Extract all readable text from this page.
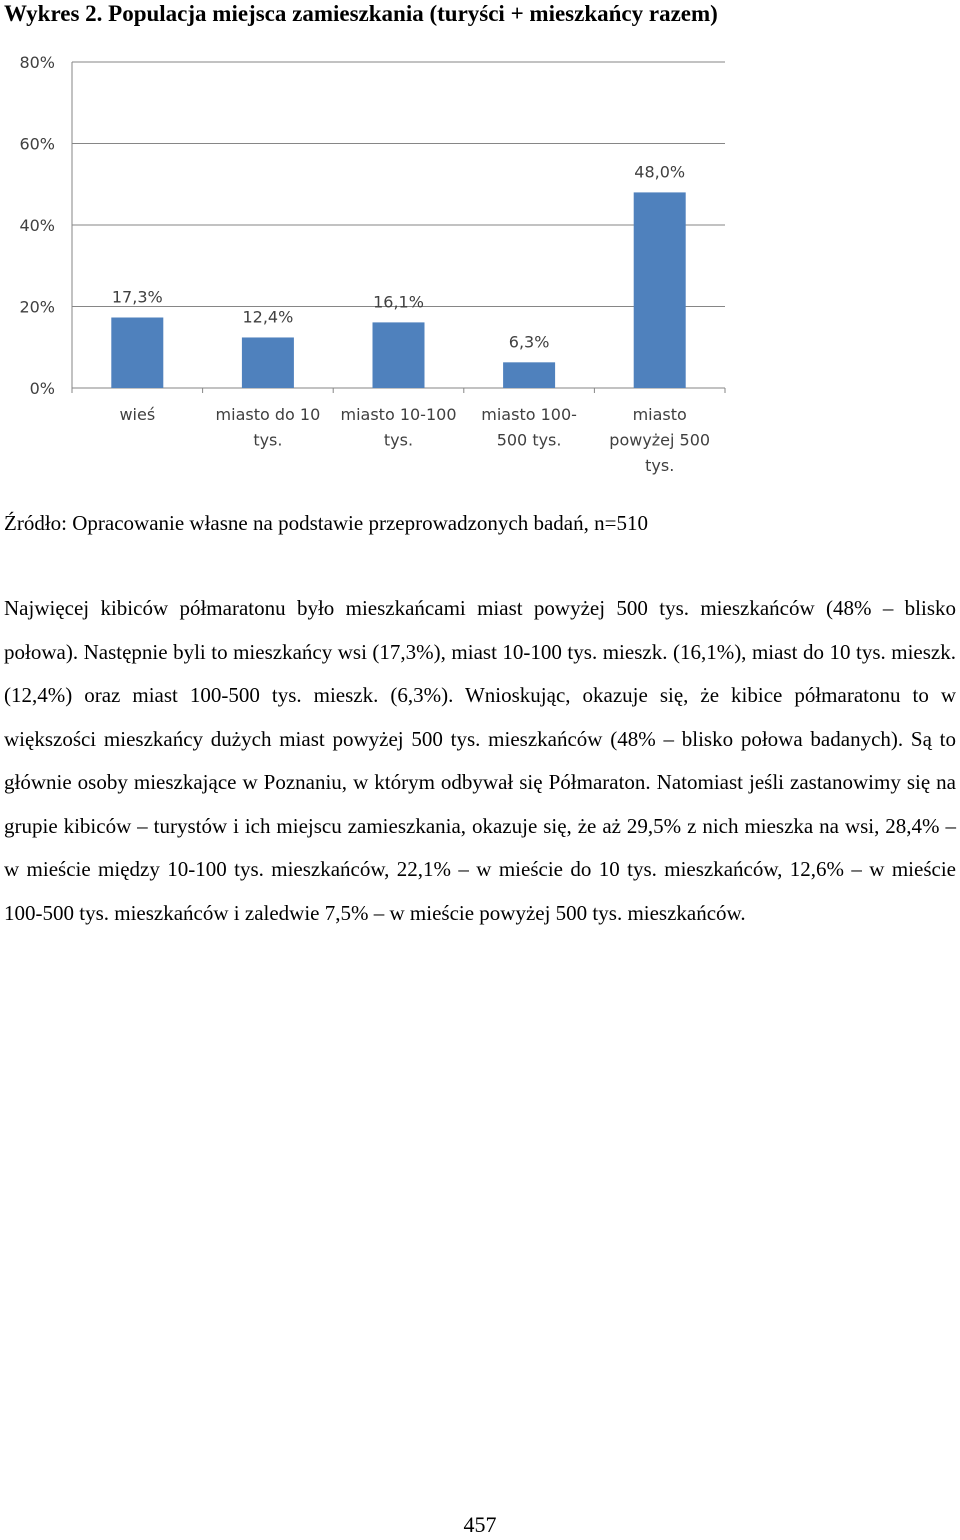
Wykres 2. Populacja miejsca zamieszkania (turyści + mieszkańcy razem)
0%
20%
40%
60%
80%
17,3%
wieś
12,4%
miasto do 10 tys.
16,1%
miasto 10-100 tys.
6,3%
miasto 100-500 tys.
48,0%
miasto powyżej 500 tys.
Źródło: Opracowanie własne na podstawie przeprowadzonych badań, n=510

Najwięcej kibiców półmaratonu było mieszkańcami miast powyżej 500 tys. mieszkańców (48% – blisko połowa). Następnie byli to mieszkańcy wsi (17,3%), miast 10-100 tys. mieszk. (16,1%), miast do 10 tys. mieszk. (12,4%) oraz miast 100-500 tys. mieszk. (6,3%). Wnioskując, okazuje się, że kibice półmaratonu to w większości mieszkańcy dużych miast powyżej 500 tys. mieszkańców (48% – blisko połowa badanych). Są to głównie osoby mieszkające w Poznaniu, w którym odbywał się Półmaraton. Natomiast jeśli zastanowimy się na grupie kibiców – turystów i ich miejscu zamieszkania, okazuje się, że aż 29,5% z nich mieszka na wsi, 28,4% – w mieście między 10-100 tys. mieszkańców, 22,1% – w mieście do 10 tys. mieszkańców, 12,6% – w mieście 100-500 tys. mieszkańców i zaledwie 7,5% – w mieście powyżej 500 tys. mieszkańców.

457
